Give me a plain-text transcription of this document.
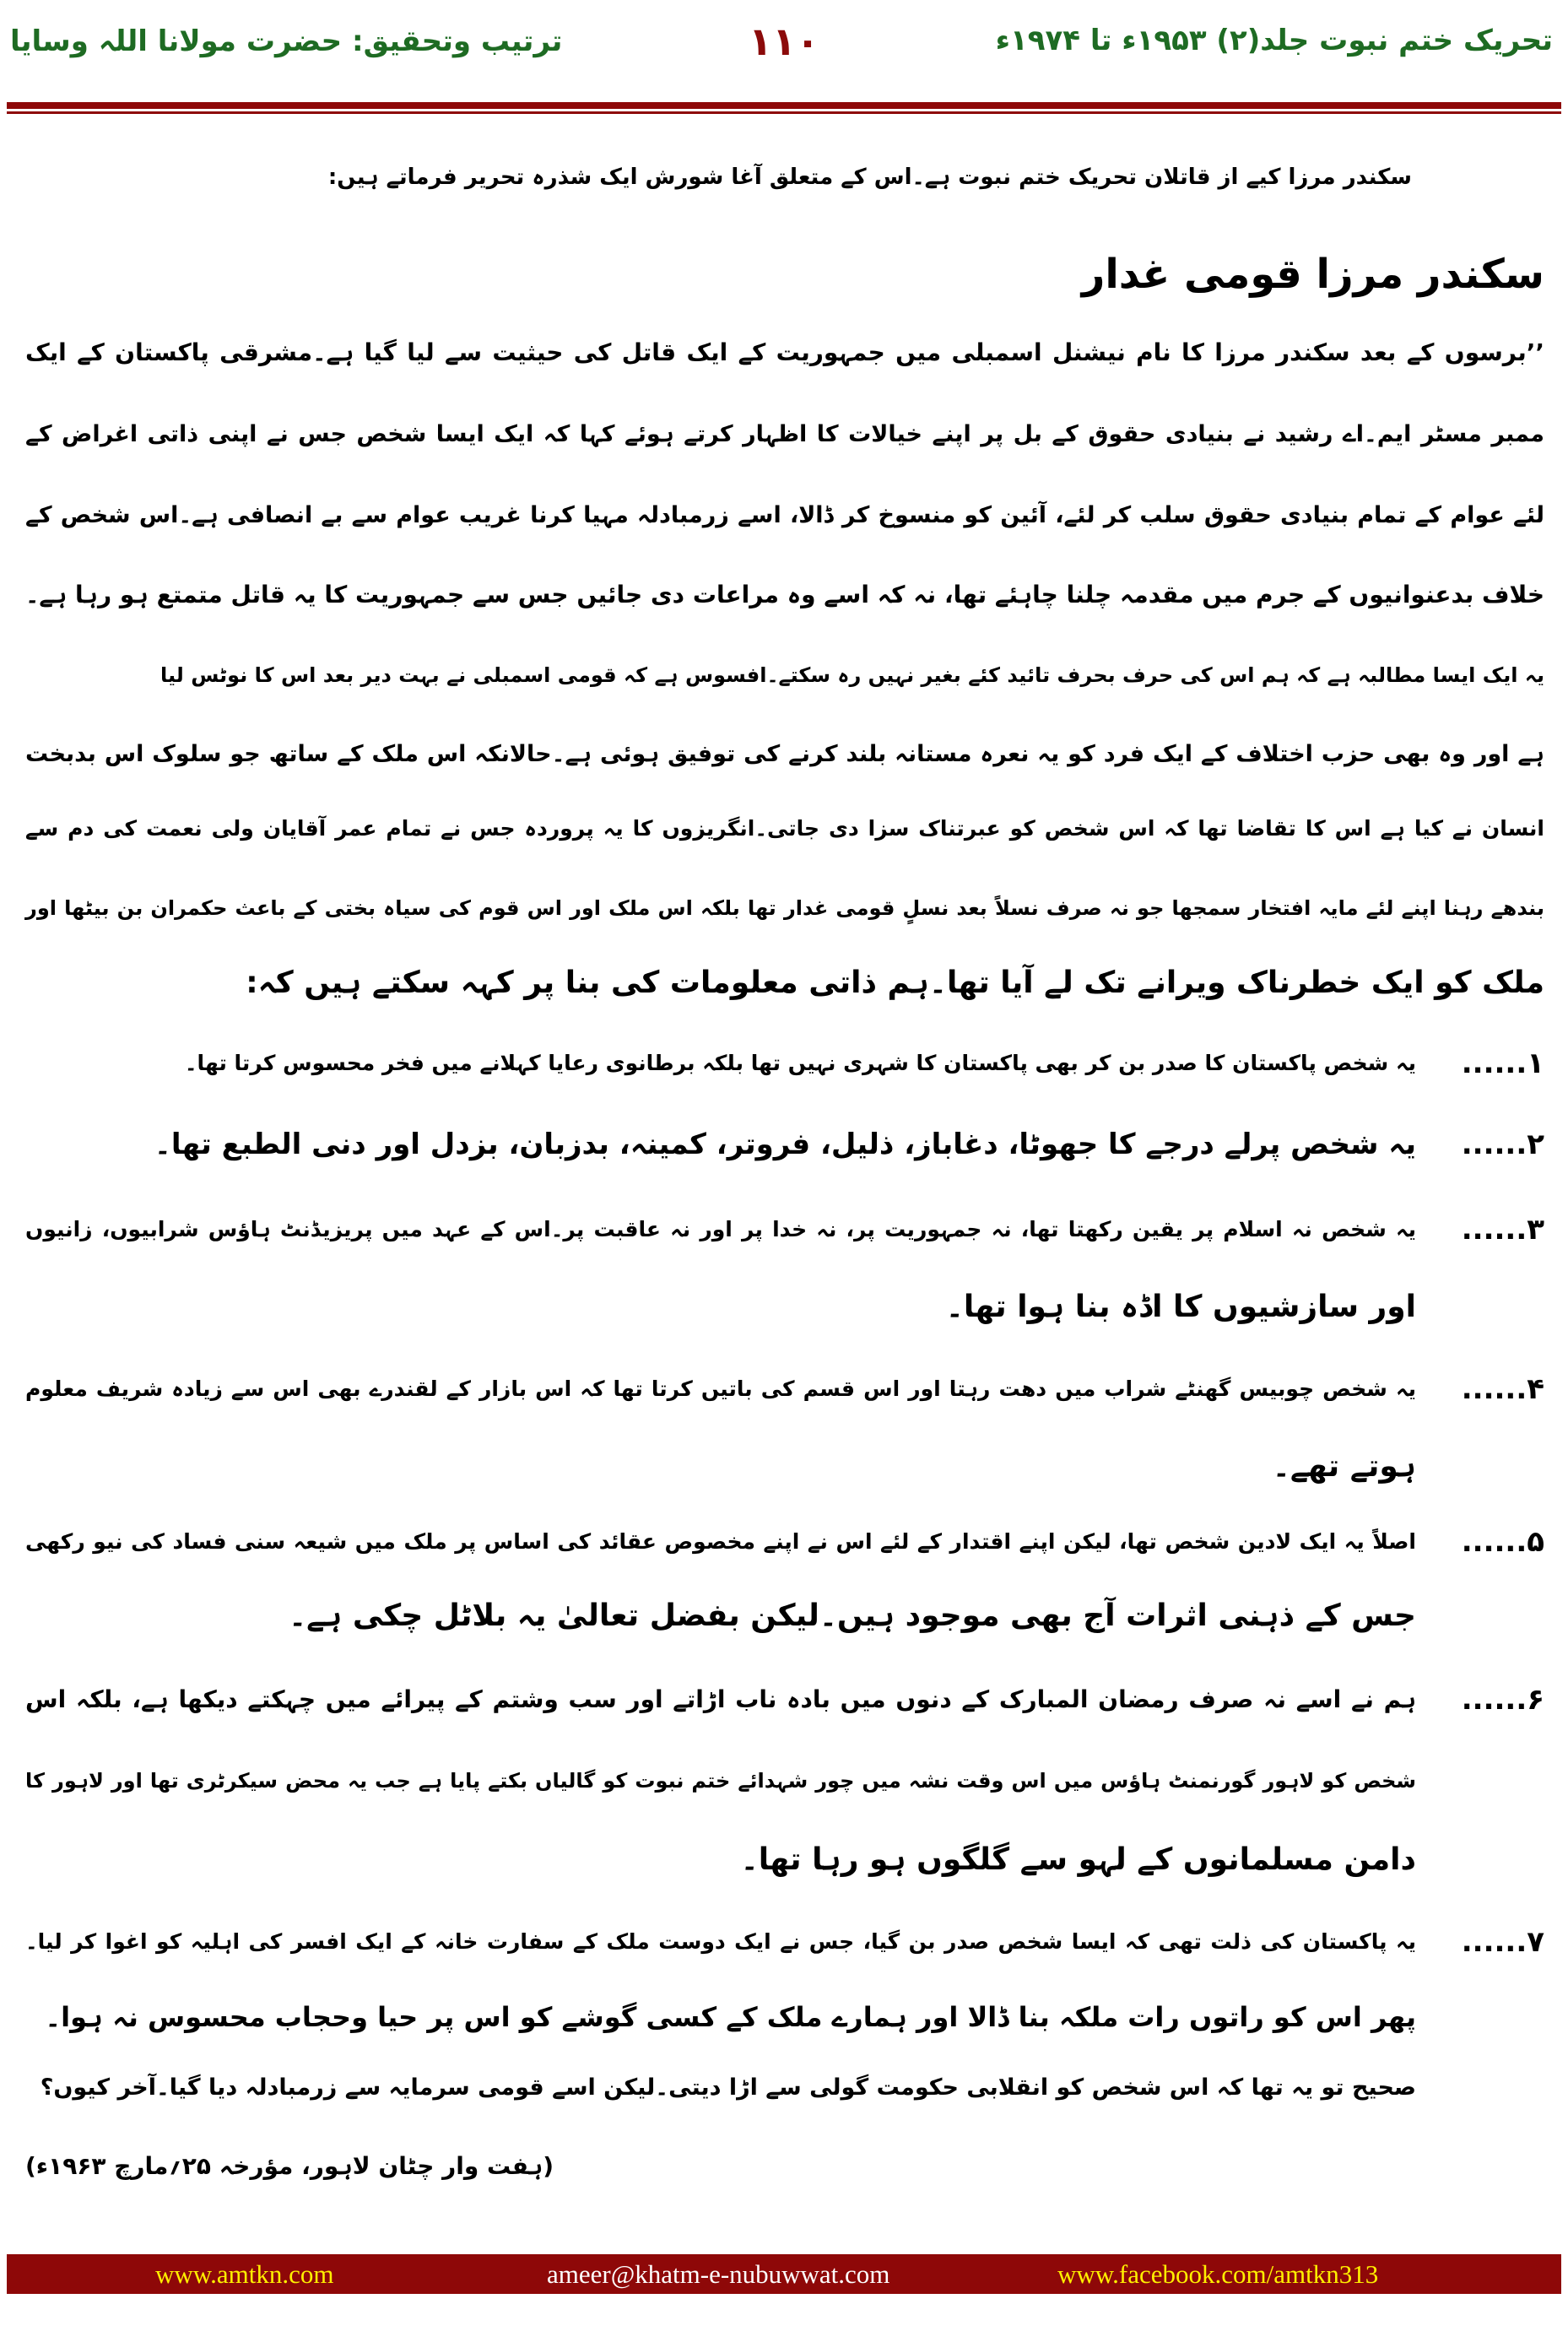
تحریک ختم نبوت جلد(۲) ۱۹۵۳ء تا ۱۹۷۴ء
۱۱۰
ترتیب وتحقیق: حضرت مولانا اللہ وسایا
سکندر مرزا کیے از قاتلان تحریک ختم نبوت ہے۔اس کے متعلق آغا شورش ایک شذرہ تحریر فرماتے ہیں:
سکندر مرزا قومی غدار
’’برسوں کے بعد سکندر مرزا کا نام نیشنل اسمبلی میں جمہوریت کے ایک قاتل کی حیثیت سے لیا گیا ہے۔مشرقی پاکستان کے ایک
ممبر مسٹر ایم۔اے رشید نے بنیادی حقوق کے بل پر اپنے خیالات کا اظہار کرتے ہوئے کہا کہ ایک ایسا شخص جس نے اپنی ذاتی اغراض کے
لئے عوام کے تمام بنیادی حقوق سلب کر لئے، آئین کو منسوخ کر ڈالا، اسے زرمبادلہ مہیا کرنا غریب عوام سے بے انصافی ہے۔اس شخص کے
خلاف بدعنوانیوں کے جرم میں مقدمہ چلنا چاہئے تھا، نہ کہ اسے وہ مراعات دی جائیں جس سے جمہوریت کا یہ قاتل متمتع ہو رہا ہے۔
یہ ایک ایسا مطالبہ ہے کہ ہم اس کی حرف بحرف تائید کئے بغیر نہیں رہ سکتے۔افسوس ہے کہ قومی اسمبلی نے بہت دیر بعد اس کا نوٹس لیا
ہے اور وہ بھی حزب اختلاف کے ایک فرد کو یہ نعرہ مستانہ بلند کرنے کی توفیق ہوئی ہے۔حالانکہ اس ملک کے ساتھ جو سلوک اس بدبخت
انسان نے کیا ہے اس کا تقاضا تھا کہ اس شخص کو عبرتناک سزا دی جاتی۔انگریزوں کا یہ پروردہ جس نے تمام عمر آقایان ولی نعمت کی دم سے
بندھے رہنا اپنے لئے مایہ افتخار سمجھا جو نہ صرف نسلاً بعد نسلٍ قومی غدار تھا بلکہ اس ملک اور اس قوم کی سیاہ بختی کے باعث حکمران بن بیٹھا اور
ملک کو ایک خطرناک ویرانے تک لے آیا تھا۔ہم ذاتی معلومات کی بنا پر کہہ سکتے ہیں کہ:
۱......
یہ شخص پاکستان کا صدر بن کر بھی پاکستان کا شہری نہیں تھا بلکہ برطانوی رعایا کہلانے میں فخر محسوس کرتا تھا۔
۲......
یہ شخص پرلے درجے کا جھوٹا، دغاباز، ذلیل، فروتر، کمینہ، بدزبان، بزدل اور دنی الطبع تھا۔
۳......
یہ شخص نہ اسلام پر یقین رکھتا تھا، نہ جمہوریت پر، نہ خدا پر اور نہ عاقبت پر۔اس کے عہد میں پریزیڈنٹ ہاؤس شرابیوں، زانیوں
اور سازشیوں کا اڈہ بنا ہوا تھا۔
۴......
یہ شخص چوبیس گھنٹے شراب میں دھت رہتا اور اس قسم کی باتیں کرتا تھا کہ اس بازار کے لقندرے بھی اس سے زیادہ شریف معلوم
ہوتے تھے۔
۵......
اصلاً یہ ایک لادین شخص تھا، لیکن اپنے اقتدار کے لئے اس نے اپنے مخصوص عقائد کی اساس پر ملک میں شیعہ سنی فساد کی نیو رکھی
جس کے ذہنی اثرات آج بھی موجود ہیں۔لیکن بفضل تعالیٰ یہ بلاٹل چکی ہے۔
۶......
ہم نے اسے نہ صرف رمضان المبارک کے دنوں میں بادہ ناب اڑاتے اور سب وشتم کے پیرائے میں چہکتے دیکھا ہے، بلکہ اس
شخص کو لاہور گورنمنٹ ہاؤس میں اس وقت نشہ میں چور شہدائے ختم نبوت کو گالیاں بکتے پایا ہے جب یہ محض سیکرٹری تھا اور لاہور کا
دامن مسلمانوں کے لہو سے گلگوں ہو رہا تھا۔
۷......
یہ پاکستان کی ذلت تھی کہ ایسا شخص صدر بن گیا، جس نے ایک دوست ملک کے سفارت خانہ کے ایک افسر کی اہلیہ کو اغوا کر لیا۔
پھر اس کو راتوں رات ملکہ بنا ڈالا اور ہمارے ملک کے کسی گوشے کو اس پر حیا وحجاب محسوس نہ ہوا۔
صحیح تو یہ تھا کہ اس شخص کو انقلابی حکومت گولی سے اڑا دیتی۔لیکن اسے قومی سرمایہ سے زرمبادلہ دیا گیا۔آخر کیوں؟
(ہفت وار چٹان لاہور، مؤرخہ ۲۵؍مارچ ۱۹۶۳ء)
www.amtkn.com	ameer@khatm-e-nubuwwat.com	www.facebook.com/amtkn313
